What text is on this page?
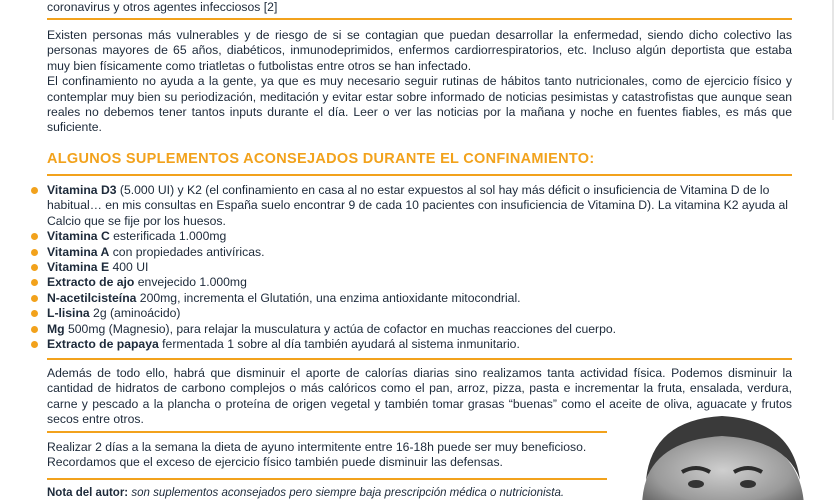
coronavirus y otros agentes infecciosos [2]

Existen personas más vulnerables y de riesgo de si se contagian que puedan desarrollar la enfermedad, siendo dicho colectivo las personas mayores de 65 años, diabéticos, inmunodeprimidos, enfermos cardiorrespiratorios, etc. Incluso algún deportista que estaba muy bien físicamente como triatletas o futbolistas entre otros se han infectado.

El confinamiento no ayuda a la gente, ya que es muy necesario seguir rutinas de hábitos tanto nutricionales, como de ejercicio físico y contemplar muy bien su periodización, meditación y evitar estar sobre informado de noticias pesimistas y catastrofistas que aunque sean reales no debemos tener tantos inputs durante el día. Leer o ver las noticias por la mañana y noche en fuentes fiables, es más que suficiente.

ALGUNOS SUPLEMENTOS ACONSEJADOS DURANTE EL CONFINAMIENTO:
Vitamina D3 (5.000 UI) y K2 (el confinamiento en casa al no estar expuestos al sol hay más déficit o insuficiencia de Vitamina D de lo habitual… en mis consultas en España suelo encontrar 9 de cada 10 pacientes con insuficiencia de Vitamina D). La vitamina K2 ayuda al Calcio que se fije por los huesos.
Vitamina C esterificada 1.000mg
Vitamina A con propiedades antivíricas.
Vitamina E 400 UI
Extracto de ajo envejecido 1.000mg
N-acetilcisteína 200mg, incrementa el Glutatión, una enzima antioxidante mitocondrial.
L-lisina 2g (aminoácido)
Mg 500mg (Magnesio), para relajar la musculatura y actúa de cofactor en muchas reacciones del cuerpo.
Extracto de papaya fermentada 1 sobre al día también ayudará al sistema inmunitario.

Además de todo ello, habrá que disminuir el aporte de calorías diarias sino realizamos tanta actividad física. Podemos disminuir la cantidad de hidratos de carbono complejos o más calóricos como el pan, arroz, pizza, pasta e incrementar la fruta, ensalada, verdura, carne y pescado a la plancha o proteína de origen vegetal y también tomar grasas “buenas” como el aceite de oliva, aguacate y frutos secos entre otros.

Realizar 2 días a la semana la dieta de ayuno intermitente entre 16-18h puede ser muy beneficioso.

Recordamos que el exceso de ejercicio físico también puede disminuir las defensas.

Nota del autor: son suplementos aconsejados pero siempre baja prescripción médica o nutricionista.
